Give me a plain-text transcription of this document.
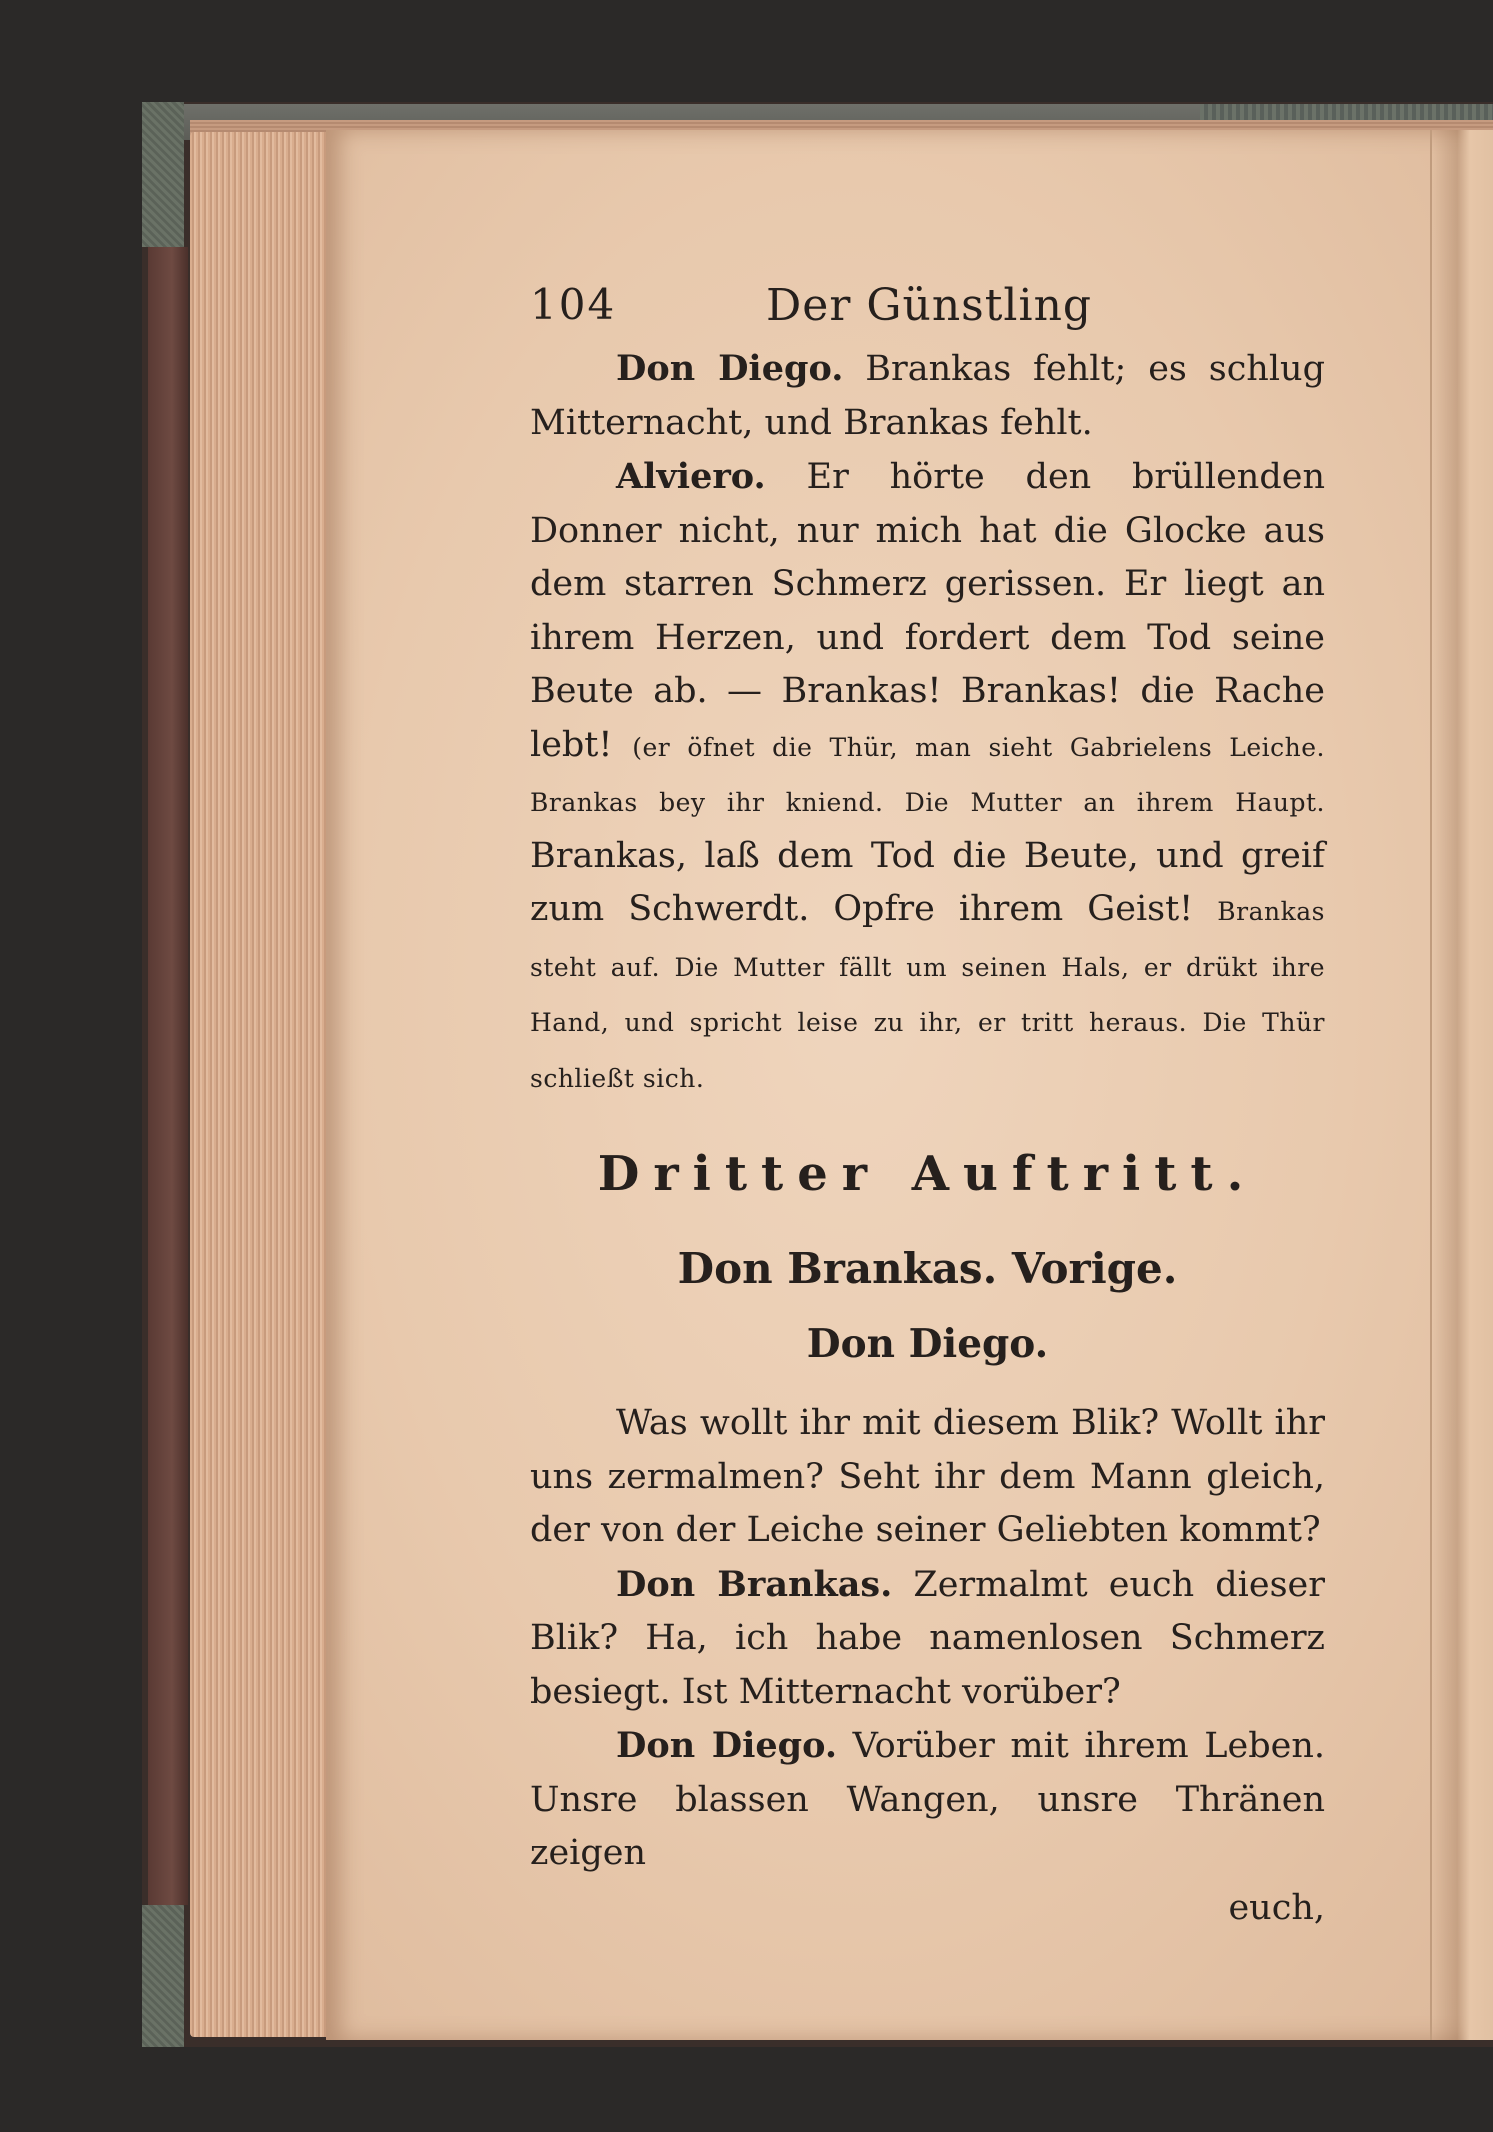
104	Der Günstling

Don Diego. Brankas fehlt; es schlug Mitternacht, und Brankas fehlt.

Alviero. Er hörte den brüllenden Donner nicht, nur mich hat die Glocke aus dem starren Schmerz gerissen. Er liegt an ihrem Herzen, und fordert dem Tod seine Beute ab. — Brankas! Brankas! die Rache lebt! (er öfnet die Thür, man sieht Gabrielens Leiche. Brankas bey ihr kniend. Die Mutter an ihrem Haupt. Brankas, laß dem Tod die Beute, und greif zum Schwerdt. Opfre ihrem Geist! Brankas steht auf. Die Mutter fällt um seinen Hals, er drükt ihre Hand, und spricht leise zu ihr, er tritt heraus. Die Thür schließt sich.

Dritter Auftritt.

Don Brankas. Vorige.

Don Diego.

Was wollt ihr mit diesem Blik? Wollt ihr uns zermalmen? Seht ihr dem Mann gleich, der von der Leiche seiner Geliebten kommt?

Don Brankas. Zermalmt euch dieser Blik? Ha, ich habe namenlosen Schmerz besiegt. Ist Mitternacht vorüber?

Don Diego. Vorüber mit ihrem Leben. Unsre blassen Wangen, unsre Thränen zeigen

euch,
